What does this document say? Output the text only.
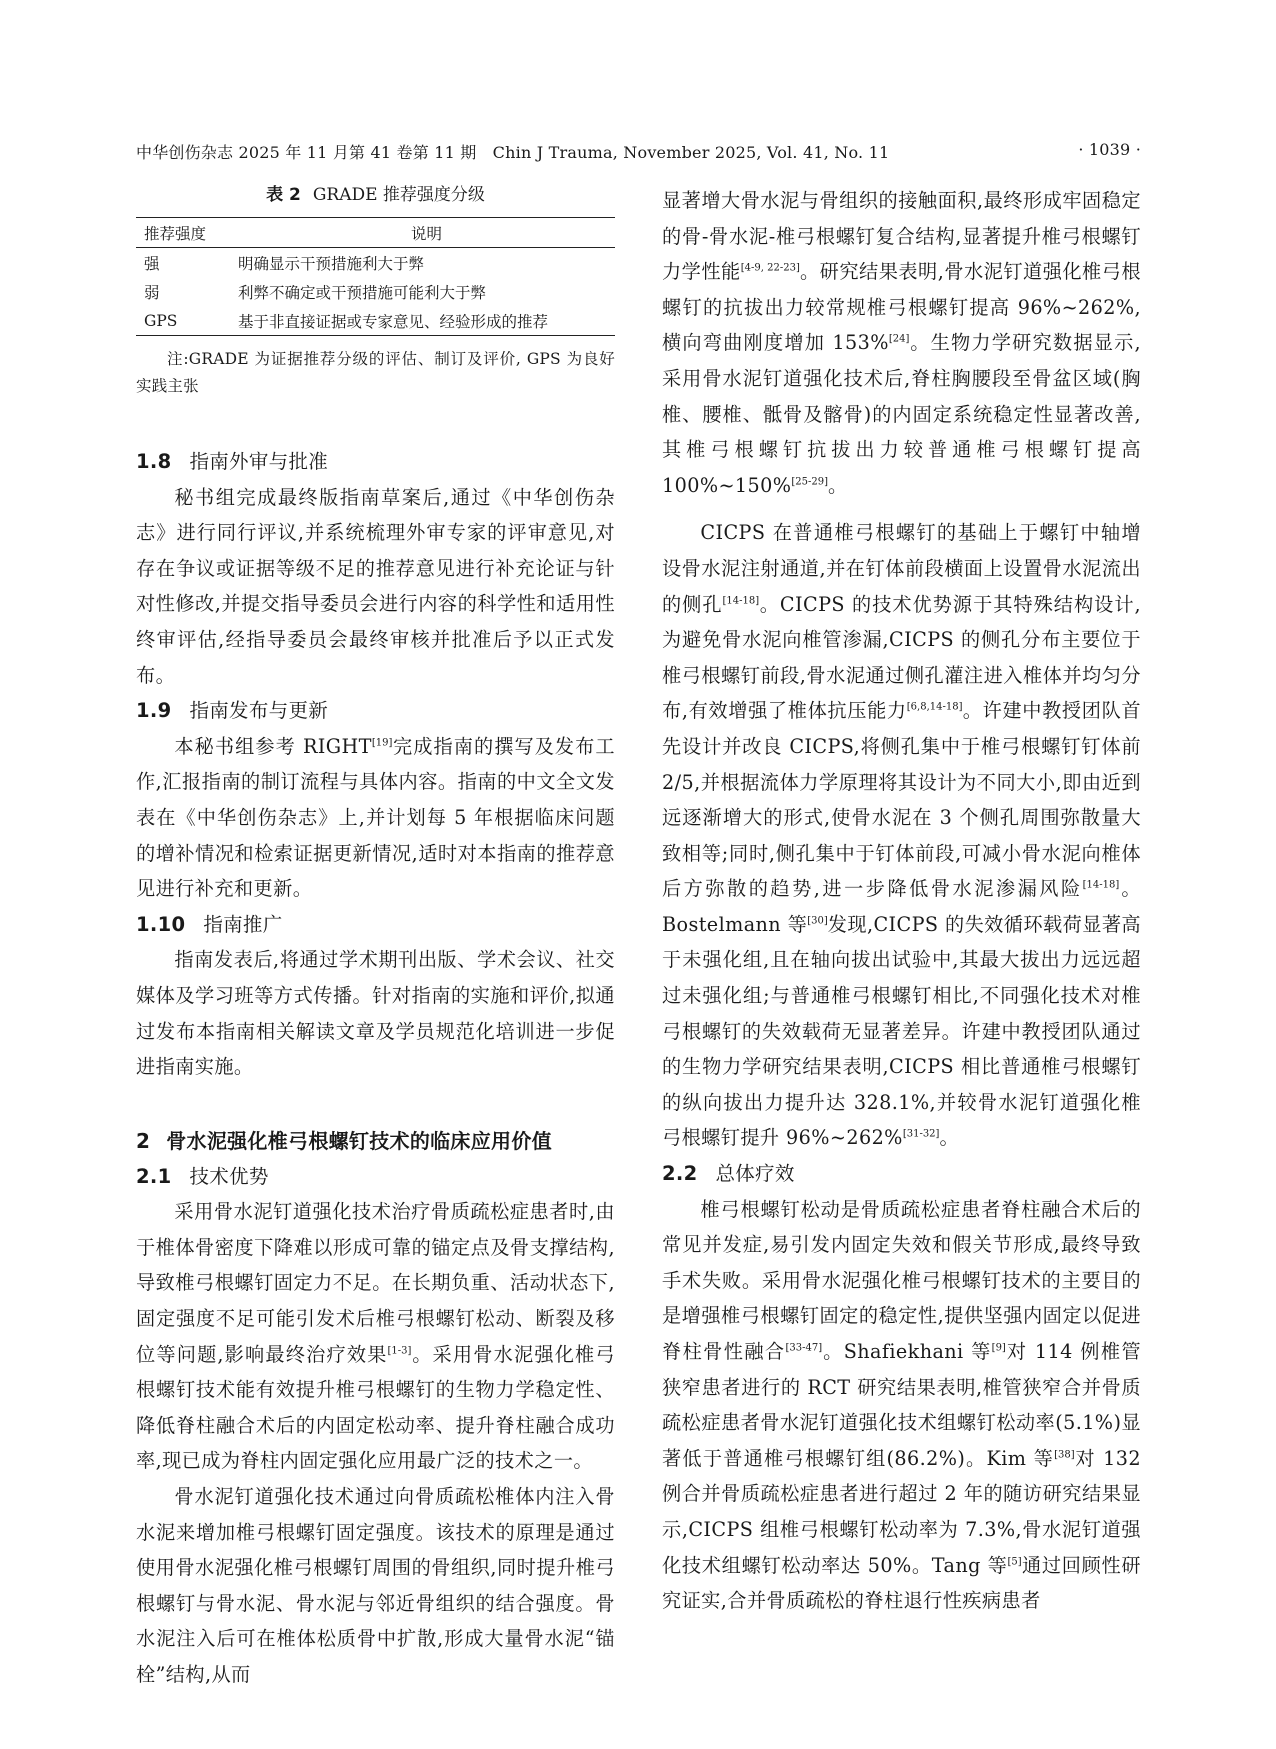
中华创伤杂志 2025 年 11 月第 41 卷第 11 期　Chin J Trauma, November 2025, Vol. 41, No. 11	· 1039 ·
表 2 GRADE 推荐强度分级
推荐强度	说明
强	明确显示干预措施利大于弊
弱	利弊不确定或干预措施可能利大于弊
GPS	基于非直接证据或专家意见、经验形成的推荐
注:GRADE 为证据推荐分级的评估、制订及评价, GPS 为良好实践主张
1.8 指南外审与批准

秘书组完成最终版指南草案后,通过《中华创伤杂志》进行同行评议,并系统梳理外审专家的评审意见,对存在争议或证据等级不足的推荐意见进行补充论证与针对性修改,并提交指导委员会进行内容的科学性和适用性终审评估,经指导委员会最终审核并批准后予以正式发布。

1.9 指南发布与更新

本秘书组参考 RIGHT[19]完成指南的撰写及发布工作,汇报指南的制订流程与具体内容。指南的中文全文发表在《中华创伤杂志》上,并计划每 5 年根据临床问题的增补情况和检索证据更新情况,适时对本指南的推荐意见进行补充和更新。

1.10 指南推广

指南发表后,将通过学术期刊出版、学术会议、社交媒体及学习班等方式传播。针对指南的实施和评价,拟通过发布本指南相关解读文章及学员规范化培训进一步促进指南实施。

2 骨水泥强化椎弓根螺钉技术的临床应用价值
2.1 技术优势

采用骨水泥钉道强化技术治疗骨质疏松症患者时,由于椎体骨密度下降难以形成可靠的锚定点及骨支撑结构,导致椎弓根螺钉固定力不足。在长期负重、活动状态下,固定强度不足可能引发术后椎弓根螺钉松动、断裂及移位等问题,影响最终治疗效果[1-3]。采用骨水泥强化椎弓根螺钉技术能有效提升椎弓根螺钉的生物力学稳定性、降低脊柱融合术后的内固定松动率、提升脊柱融合成功率,现已成为脊柱内固定强化应用最广泛的技术之一。

骨水泥钉道强化技术通过向骨质疏松椎体内注入骨水泥来增加椎弓根螺钉固定强度。该技术的原理是通过使用骨水泥强化椎弓根螺钉周围的骨组织,同时提升椎弓根螺钉与骨水泥、骨水泥与邻近骨组织的结合强度。骨水泥注入后可在椎体松质骨中扩散,形成大量骨水泥“锚栓”结构,从而

显著增大骨水泥与骨组织的接触面积,最终形成牢固稳定的骨-骨水泥-椎弓根螺钉复合结构,显著提升椎弓根螺钉力学性能[4-9, 22-23]。研究结果表明,骨水泥钉道强化椎弓根螺钉的抗拔出力较常规椎弓根螺钉提高 96%~262%,横向弯曲刚度增加 153%[24]。生物力学研究数据显示,采用骨水泥钉道强化技术后,脊柱胸腰段至骨盆区域(胸椎、腰椎、骶骨及髂骨)的内固定系统稳定性显著改善,其椎弓根螺钉抗拔出力较普通椎弓根螺钉提高 100%~150%[25-29]。

CICPS 在普通椎弓根螺钉的基础上于螺钉中轴增设骨水泥注射通道,并在钉体前段横面上设置骨水泥流出的侧孔[14-18]。CICPS 的技术优势源于其特殊结构设计,为避免骨水泥向椎管渗漏,CICPS 的侧孔分布主要位于椎弓根螺钉前段,骨水泥通过侧孔灌注进入椎体并均匀分布,有效增强了椎体抗压能力[6,8,14-18]。许建中教授团队首先设计并改良 CICPS,将侧孔集中于椎弓根螺钉钉体前 2/5,并根据流体力学原理将其设计为不同大小,即由近到远逐渐增大的形式,使骨水泥在 3 个侧孔周围弥散量大致相等;同时,侧孔集中于钉体前段,可减小骨水泥向椎体后方弥散的趋势,进一步降低骨水泥渗漏风险[14-18]。Bostelmann 等[30]发现,CICPS 的失效循环载荷显著高于未强化组,且在轴向拔出试验中,其最大拔出力远远超过未强化组;与普通椎弓根螺钉相比,不同强化技术对椎弓根螺钉的失效载荷无显著差异。许建中教授团队通过的生物力学研究结果表明,CICPS 相比普通椎弓根螺钉的纵向拔出力提升达 328.1%,并较骨水泥钉道强化椎弓根螺钉提升 96%~262%[31-32]。

2.2 总体疗效

椎弓根螺钉松动是骨质疏松症患者脊柱融合术后的常见并发症,易引发内固定失效和假关节形成,最终导致手术失败。采用骨水泥强化椎弓根螺钉技术的主要目的是增强椎弓根螺钉固定的稳定性,提供坚强内固定以促进脊柱骨性融合[33-47]。Shafiekhani 等[9]对 114 例椎管狭窄患者进行的 RCT 研究结果表明,椎管狭窄合并骨质疏松症患者骨水泥钉道强化技术组螺钉松动率(5.1%)显著低于普通椎弓根螺钉组(86.2%)。Kim 等[38]对 132 例合并骨质疏松症患者进行超过 2 年的随访研究结果显示,CICPS 组椎弓根螺钉松动率为 7.3%,骨水泥钉道强化技术组螺钉松动率达 50%。Tang 等[5]通过回顾性研究证实,合并骨质疏松的脊柱退行性疾病患者
